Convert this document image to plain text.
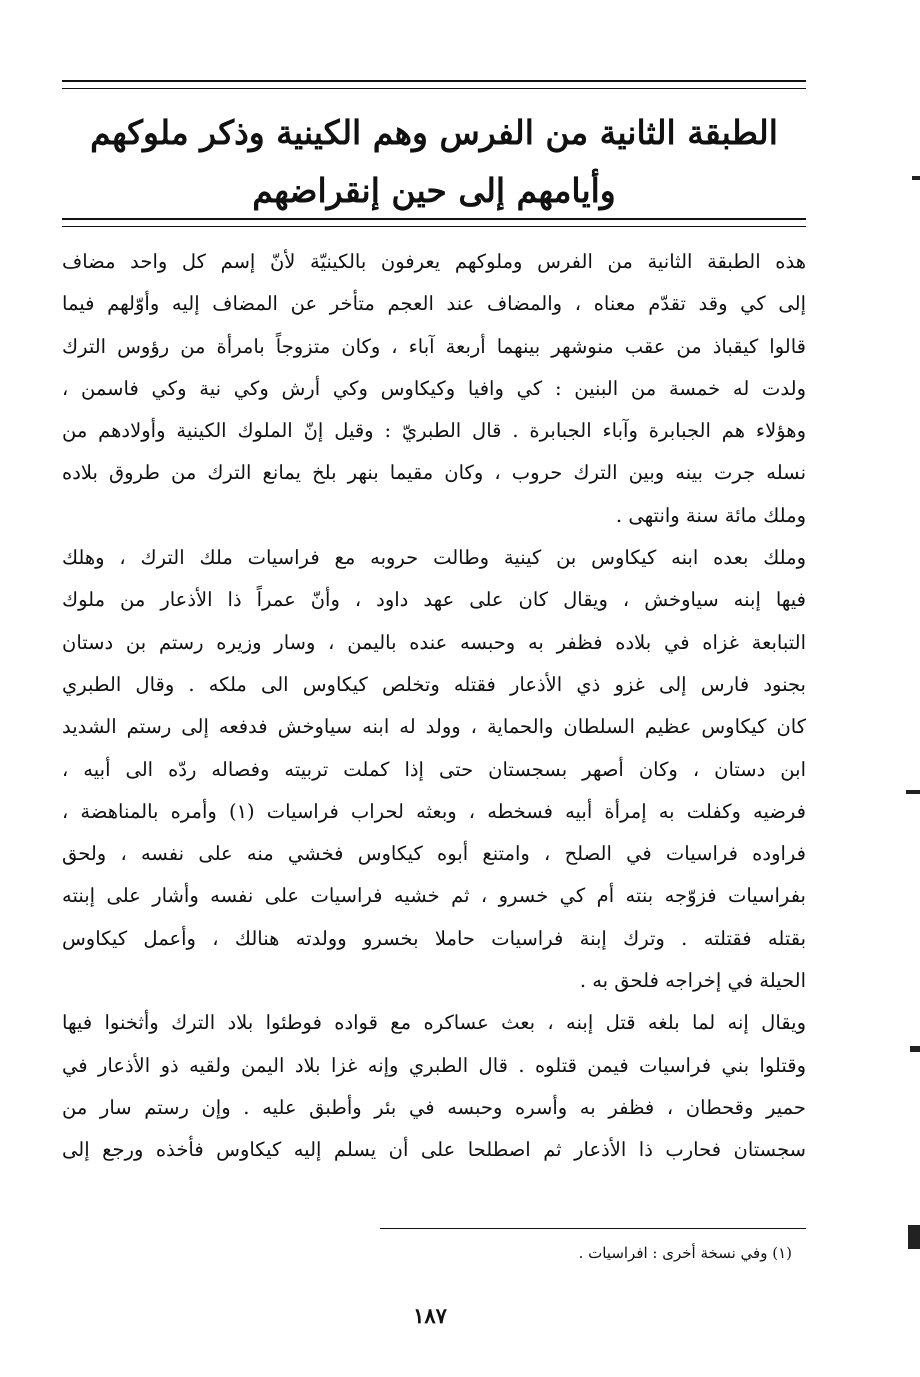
الطبقة الثانية من الفرس وهم الكينية وذكر ملوكهم
وأيامهم إلى حين إنقراضهم
هذه الطبقة الثانية من الفرس وملوكهم يعرفون بالكينيّة لأنّ إسم كل واحد مضاف
إلى كي وقد تقدّم معناه ، والمضاف عند العجم متأخر عن المضاف إليه وأوّلهم فيما
قالوا كيقباذ من عقب منوشهر بينهما أربعة آباء ، وكان متزوجاً بامرأة من رؤوس الترك
ولدت له خمسة من البنين : كي وافيا وكيكاوس وكي أرش وكي نية وكي فاسمن ،
وهؤلاء هم الجبابرة وآباء الجبابرة . قال الطبريّ : وقيل إنّ الملوك الكينية وأولادهم من
نسله جرت بينه وبين الترك حروب ، وكان مقيما بنهر بلخ يمانع الترك من طروق بلاده
وملك مائة سنة وانتهى .
وملك بعده ابنه كيكاوس بن كينية وطالت حروبه مع فراسيات ملك الترك ، وهلك
فيها إبنه سياوخش ، ويقال كان على عهد داود ، وأنّ عمراً ذا الأذعار من ملوك
التبابعة غزاه في بلاده فظفر به وحبسه عنده باليمن ، وسار وزيره رستم بن دستان
بجنود فارس إلى غزو ذي الأذعار فقتله وتخلص كيكاوس الى ملكه . وقال الطبري
كان كيكاوس عظيم السلطان والحماية ، وولد له ابنه سياوخش فدفعه إلى رستم الشديد
ابن دستان ، وكان أصهر بسجستان حتى إذا كملت تربيته وفصاله ردّه الى أبيه ،
فرضيه وكفلت به إمرأة أبيه فسخطه ، وبعثه لحراب فراسيات (١) وأمره بالمناهضة ،
فراوده فراسيات في الصلح ، وامتنع أبوه كيكاوس فخشي منه على نفسه ، ولحق
بفراسيات فزوّجه بنته أم كي خسرو ، ثم خشيه فراسيات على نفسه وأشار على إبنته
بقتله فقتلته . وترك إبنة فراسيات حاملا بخسرو وولدته هنالك ، وأعمل كيكاوس
الحيلة في إخراجه فلحق به .
ويقال إنه لما بلغه قتل إبنه ، بعث عساكره مع قواده فوطئوا بلاد الترك وأثخنوا فيها
وقتلوا بني فراسيات فيمن قتلوه . قال الطبري وإنه غزا بلاد اليمن ولقيه ذو الأذعار في
حمير وقحطان ، فظفر به وأسره وحبسه في بئر وأطبق عليه . وإن رستم سار من
سجستان فحارب ذا الأذعار ثم اصطلحا على أن يسلم إليه كيكاوس فأخذه ورجع إلى
(١) وفي نسخة أخرى : افراسيات .
١٨٧
